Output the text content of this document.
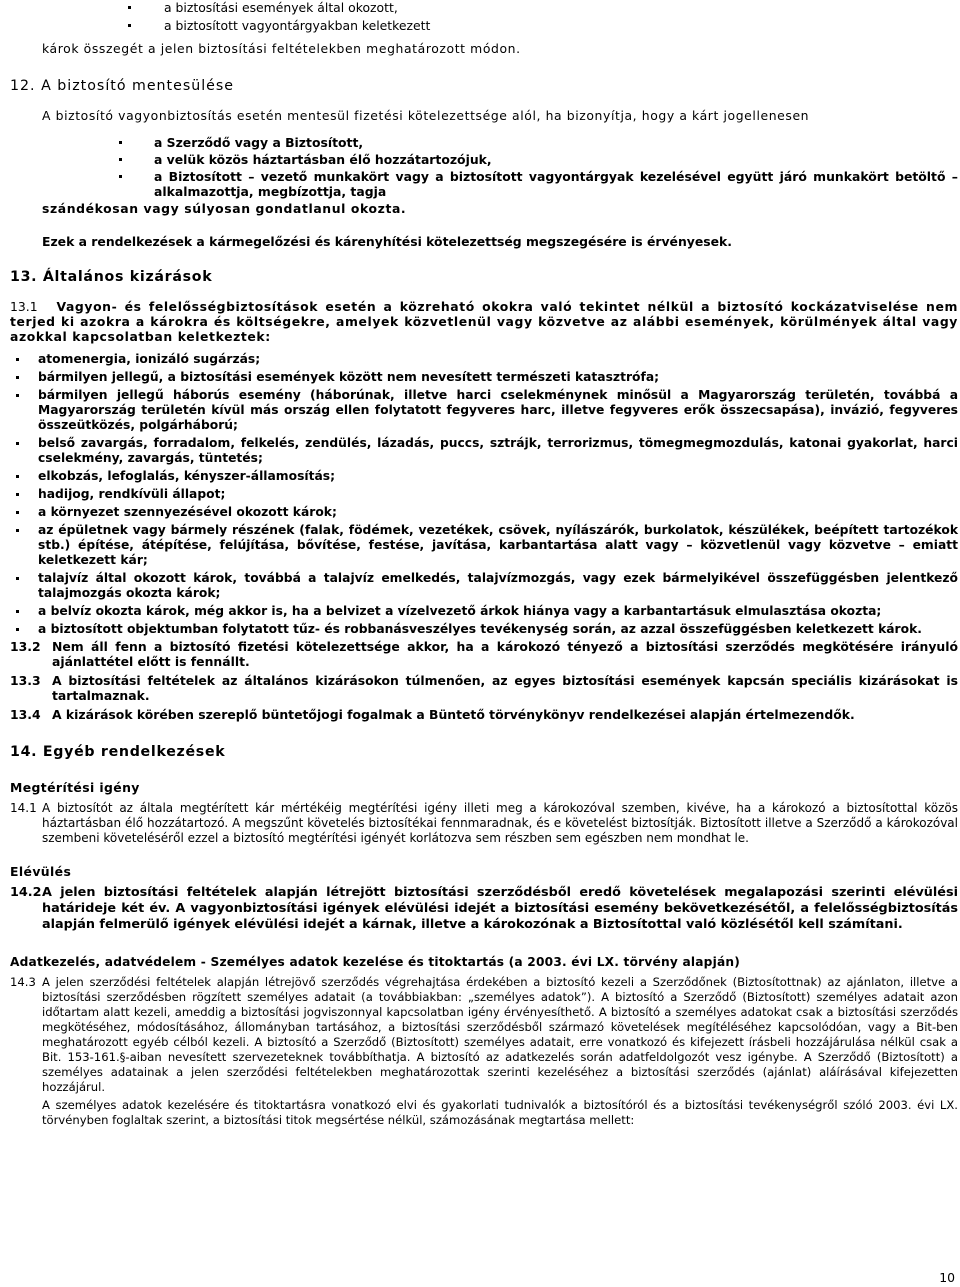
a biztosítási események által okozott,
a biztosított vagyontárgyakban keletkezett

károk összegét a jelen biztosítási feltételekben meghatározott módon.

12. A biztosító mentesülése

A biztosító vagyonbiztosítás esetén mentesül fizetési kötelezettsége alól, ha bizonyítja, hogy a kárt jogellenesen

a Szerződő vagy a Biztosított,
a velük közös háztartásban élő hozzátartozójuk,
a Biztosított – vezető munkakört vagy a biztosított vagyontárgyak kezelésével együtt járó munkakört betöltő – alkalmazottja, megbízottja, tagja

szándékosan vagy súlyosan gondatlanul okozta.

Ezek a rendelkezések a kármegelőzési és kárenyhítési kötelezettség megszegésére is érvényesek.

13. Általános kizárások

13.1 Vagyon- és felelősségbiztosítások esetén a közreható okokra való tekintet nélkül a biztosító kockázatviselése nem terjed ki azokra a károkra és költségekre, amelyek közvetlenül vagy közvetve az alábbi események, körülmények által vagy azokkal kapcsolatban keletkeztek:
atomenergia, ionizáló sugárzás;
bármilyen jellegű, a biztosítási események között nem nevesített természeti katasztrófa;
bármilyen jellegű háborús esemény (háborúnak, illetve harci cselekménynek minősül a Magyarország területén, továbbá a Magyarország területén kívül más ország ellen folytatott fegyveres harc, illetve fegyveres erők összecsapása), invázió, fegyveres összeütközés, polgárháború;
belső zavargás, forradalom, felkelés, zendülés, lázadás, puccs, sztrájk, terrorizmus, tömegmegmozdulás, katonai gyakorlat, harci cselekmény, zavargás, tüntetés;
elkobzás, lefoglalás, kényszer-államosítás;
hadijog, rendkívüli állapot;
a környezet szennyezésével okozott károk;
az épületnek vagy bármely részének (falak, födémek, vezetékek, csövek, nyílászárók, burkolatok, készülékek, beépített tartozékok stb.) építése, átépítése, felújítása, bővítése, festése, javítása, karbantartása alatt vagy – közvetlenül vagy közvetve – emiatt keletkezett kár;
talajvíz által okozott károk, továbbá a talajvíz emelkedés, talajvízmozgás, vagy ezek bármelyikével összefüggésben jelentkező talajmozgás okozta károk;
a belvíz okozta károk, még akkor is, ha a belvizet a vízelvezető árkok hiánya vagy a karbantartásuk elmulasztása okozta;
a biztosított objektumban folytatott tűz- és robbanásveszélyes tevékenység során, az azzal összefüggésben keletkezett károk.
13.2 Nem áll fenn a biztosító fizetési kötelezettsége akkor, ha a károkozó tényező a biztosítási szerződés megkötésére irányuló ajánlattétel előtt is fennállt.
13.3 A biztosítási feltételek az általános kizárásokon túlmenően, az egyes biztosítási események kapcsán speciális kizárásokat is tartalmaznak.
13.4 A kizárások körében szereplő büntetőjogi fogalmak a Büntető törvénykönyv rendelkezései alapján értelmezendők.

14. Egyéb rendelkezések

Megtérítési igény

14.1 A biztosítót az általa megtérített kár mértékéig megtérítési igény illeti meg a károkozóval szemben, kivéve, ha a károkozó a biztosítottal közös háztartásban élő hozzátartozó. A megszűnt követelés biztosítékai fennmaradnak, és e követelést biztosítják. Biztosított illetve a Szerződő a károkozóval szembeni követeléséről ezzel a biztosító megtérítési igényét korlátozva sem részben sem egészben nem mondhat le.

Elévülés

14.2 A jelen biztosítási feltételek alapján létrejött biztosítási szerződésből eredő követelések megalapozási szerinti elévülési határideje két év. A vagyonbiztosítási igények elévülési idejét a biztosítási esemény bekövetkezésétől, a felelősségbiztosítás alapján felmerülő igények elévülési idejét a kárnak, illetve a károkozónak a Biztosítottal való közlésétől kell számítani.

Adatkezelés, adatvédelem - Személyes adatok kezelése és titoktartás (a 2003. évi LX. törvény alapján)

14.3 A jelen szerződési feltételek alapján létrejövő szerződés végrehajtása érdekében a biztosító kezeli a Szerződőnek (Biztosítottnak) az ajánlaton, illetve a biztosítási szerződésben rögzített személyes adatait (a továbbiakban: „személyes adatok”). A biztosító a Szerződő (Biztosított) személyes adatait azon időtartam alatt kezeli, ameddig a biztosítási jogviszonnyal kapcsolatban igény érvényesíthető. A biztosító a személyes adatokat csak a biztosítási szerződés megkötéséhez, módosításához, állományban tartásához, a biztosítási szerződésből származó követelések megítéléséhez kapcsolódóan, vagy a Bit-ben meghatározott egyéb célból kezeli. A biztosító a Szerződő (Biztosított) személyes adatait, erre vonatkozó és kifejezett írásbeli hozzájárulása nélkül csak a Bit. 153-161.§-aiban nevesített szervezeteknek továbbíthatja. A biztosító az adatkezelés során adatfeldolgozót vesz igénybe. A Szerződő (Biztosított) a személyes adatainak a jelen szerződési feltételekben meghatározottak szerinti kezeléséhez a biztosítási szerződés (ajánlat) aláírásával kifejezetten hozzájárul.

A személyes adatok kezelésére és titoktartásra vonatkozó elvi és gyakorlati tudnivalók a biztosítóról és a biztosítási tevékenységről szóló 2003. évi LX. törvényben foglaltak szerint, a biztosítási titok megsértése nélkül, számozásának megtartása mellett:

10
